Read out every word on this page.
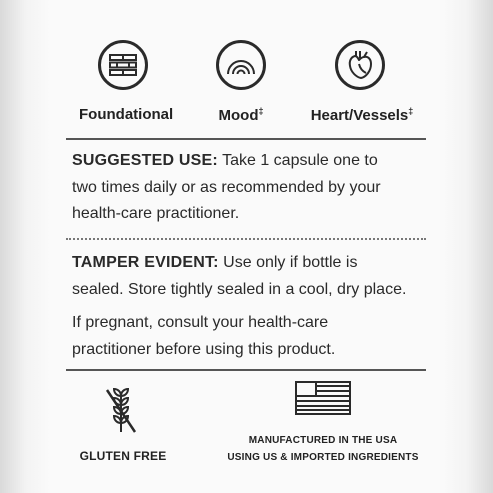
Foundational	Mood‡	Heart/Vessels‡
SUGGESTED USE: Take 1 capsule one to
two times daily or as recommended by your
health-care practitioner.
TAMPER EVIDENT: Use only if bottle is
sealed. Store tightly sealed in a cool, dry place.
If pregnant, consult your health-care
practitioner before using this product.
GLUTEN FREE
MANUFACTURED IN THE USA
USING US & IMPORTED INGREDIENTS
